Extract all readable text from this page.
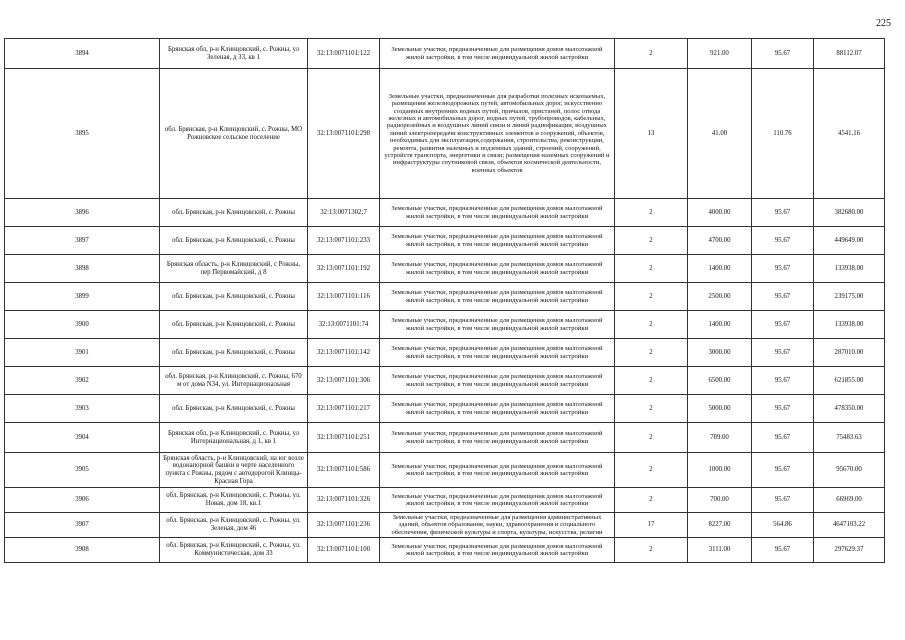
225
3894	Брянская обл, р-н Клинцовский, с. Рожны, ул Зеленая, д 33, кв 1	32:13:0071101:122	Земельные участки, предназначенные для размещения домов малоэтажной жилой застройки, в том числе индивидуальной жилой застройки	2	921.00	95.67	88112.07
3895	обл. Брянская, р-н Клинцовский, с. Рожны, МО Рожновское сельское поселение	32:13:0071101:298	Земельные участки, предназначенные для разработки полезных ископаемых, размещения железнодорожных путей, автомобильных дорог, искусственно созданных внутренних водных путей, причалов, пристаней, полос отвода железных и автомобильных дорог, водных путей, трубопроводов, кабельных, радиорелейных и воздушных линий связи и линий радиофикации, воздушных линий электропередачи конструктивных элементов и сооружений, объектов, необходимых для эксплуатации,содержания, строительства, реконструкции, ремонта, развития наземных и подземных зданий, строений, сооружений, устройств транспорта, энергетики и связи; размещения наземных сооружений и инфраструктуры спутниковой связи, объектов космической деятельности, военных объектов	13	41.00	110.76	4541.16
3896	обл. Брянская, р-н Клинцовский, с. Рожны	32:13:0071302:7	Земельные участки, предназначенные для размещения домов малоэтажной жилой застройки, в том числе индивидуальной жилой застройки	2	4000.00	95.67	382680.00
3897	обл. Брянская, р-н Клинцовский, с. Рожны	32:13:0071101:233	Земельные участки, предназначенные для размещения домов малоэтажной жилой застройки, в том числе индивидуальной жилой застройки	2	4700.00	95.67	449649.00
3898	Брянская область, р-н Клинцовский, с Рожны, пер Первомайский, д 8	32:13:0071101:192	Земельные участки, предназначенные для размещения домов малоэтажной жилой застройки, в том числе индивидуальной жилой застройки	2	1400.00	95.67	133938.00
3899	обл. Брянская, р-н Клинцовский, с. Рожны	32:13:0071101:116	Земельные участки, предназначенные для размещения домов малоэтажной жилой застройки, в том числе индивидуальной жилой застройки	2	2500.00	95.67	239175.00
3900	обл. Брянская, р-н Клинцовский, с. Рожны	32:13:0071101:74	Земельные участки, предназначенные для размещения домов малоэтажной жилой застройки, в том числе индивидуальной жилой застройки	2	1400.00	95.67	133938.00
3901	обл. Брянская, р-н Клинцовский, с. Рожны	32:13:0071101:142	Земельные участки, предназначенные для размещения домов малоэтажной жилой застройки, в том числе индивидуальной жилой застройки	2	3000.00	95.67	287010.00
3902	обл. Брянская, р-н Клинцовский, с. Рожны, 670 м от дома N34, ул. Интернациональная	32:13:0071101:306	Земельные участки, предназначенные для размещения домов малоэтажной жилой застройки, в том числе индивидуальной жилой застройки	2	6500.00	95.67	621855.00
3903	обл. Брянская, р-н Клинцовский, с. Рожны	32:13:0071101:217	Земельные участки, предназначенные для размещения домов малоэтажной жилой застройки, в том числе индивидуальной жилой застройки	2	5000.00	95.67	478350.00
3904	Брянская обл, р-н Клинцовский, с. Рожны, ул Интернациональная, д 1, кв 1	32:13:0071101:251	Земельные участки, предназначенные для размещения домов малоэтажной жилой застройки, в том числе индивидуальной жилой застройки	2	789.00	95.67	75483.63
3905	Брянская область, р-н Клинцовский, на юг возле водонапорной башни в черте населенного пункта с Рожны, рядом с автодорогой Клинцы-Красная Гора	32:13:0071101:586	Земельные участки, предназначенные для размещения домов малоэтажной жилой застройки, в том числе индивидуальной жилой застройки	2	1000.00	95.67	95670.00
3906	обл. Брянская, р-н Клинцовский, с. Рожны, ул. Новая, дом 18, кв.1	32:13:0071101:326	Земельные участки, предназначенные для размещения домов малоэтажной жилой застройки, в том числе индивидуальной жилой застройки	2	700.00	95.67	66969.00
3907	обл. Брянская, р-н Клинцовский, с. Рожны, ул. Зеленая, дом 46	32:13:0071101:236	Земельные участки, предназначенные для размещения административных зданий, объектов образования, науки, здравоохранения и социального обеспечения, физической культуры и спорта, культуры, искусства, религии	17	8227.00	564.86	4647103.22
3908	обл. Брянская, р-н Клинцовский, с. Рожны, ул. Коммунистическая, дом 33	32:13:0071101:100	Земельные участки, предназначенные для размещения домов малоэтажной жилой застройки, в том числе индивидуальной жилой застройки	2	3111.00	95.67	297629.37
